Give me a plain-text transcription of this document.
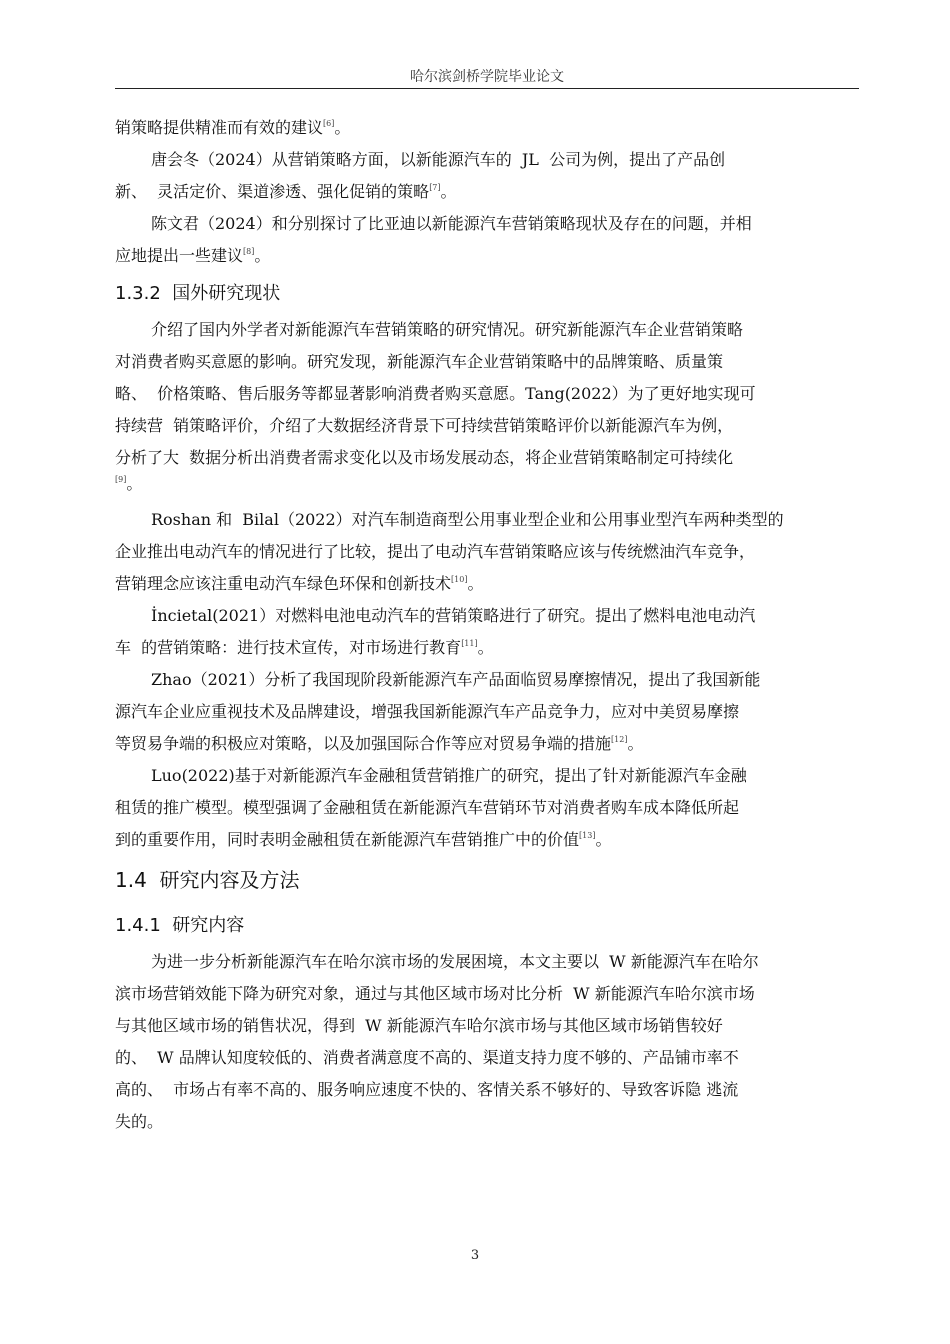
哈尔滨剑桥学院毕业论文
销策略提供精准而有效的建议[6]。
唐会冬（2024）从营销策略方面，以新能源汽车的  JL  公司为例，提出了产品创
新、  灵活定价、渠道渗透、强化促销的策略[7]。
陈文君（2024）和分别探讨了比亚迪以新能源汽车营销策略现状及存在的问题，并相
应地提出一些建议[8]。
1.3.2  国外研究现状
介绍了国内外学者对新能源汽车营销策略的研究情况。研究新能源汽车企业营销策略
对消费者购买意愿的影响。研究发现，新能源汽车企业营销策略中的品牌策略、质量策
略、  价格策略、售后服务等都显著影响消费者购买意愿。Tang(2022）为了更好地实现可
持续营  销策略评价，介绍了大数据经济背景下可持续营销策略评价以新能源汽车为例，
分析了大  数据分析出消费者需求变化以及市场发展动态，将企业营销策略制定可持续化
[9]。
Roshan 和  Bilal（2022）对汽车制造商型公用事业型企业和公用事业型汽车两种类型的
企业推出电动汽车的情况进行了比较，提出了电动汽车营销策略应该与传统燃油汽车竞争，
营销理念应该注重电动汽车绿色环保和创新技术[10]。
İncietal(2021）对燃料电池电动汽车的营销策略进行了研究。提出了燃料电池电动汽
车  的营销策略：进行技术宣传，对市场进行教育[11]。
Zhao（2021）分析了我国现阶段新能源汽车产品面临贸易摩擦情况，提出了我国新能
源汽车企业应重视技术及品牌建设，增强我国新能源汽车产品竞争力，应对中美贸易摩擦
等贸易争端的积极应对策略，以及加强国际合作等应对贸易争端的措施[12]。
Luo(2022)基于对新能源汽车金融租赁营销推广的研究，提出了针对新能源汽车金融
租赁的推广模型。模型强调了金融租赁在新能源汽车营销环节对消费者购车成本降低所起
到的重要作用，同时表明金融租赁在新能源汽车营销推广中的价值[13]。
1.4  研究内容及方法
1.4.1  研究内容
为进一步分析新能源汽车在哈尔滨市场的发展困境，本文主要以  W 新能源汽车在哈尔
滨市场营销效能下降为研究对象，通过与其他区域市场对比分析  W 新能源汽车哈尔滨市场
与其他区域市场的销售状况，得到  W 新能源汽车哈尔滨市场与其他区域市场销售较好
的、  W 品牌认知度较低的、消费者满意度不高的、渠道支持力度不够的、产品铺市率不
高的、  市场占有率不高的、服务响应速度不快的、客情关系不够好的、导致客诉隐 逃流
失的。
3
